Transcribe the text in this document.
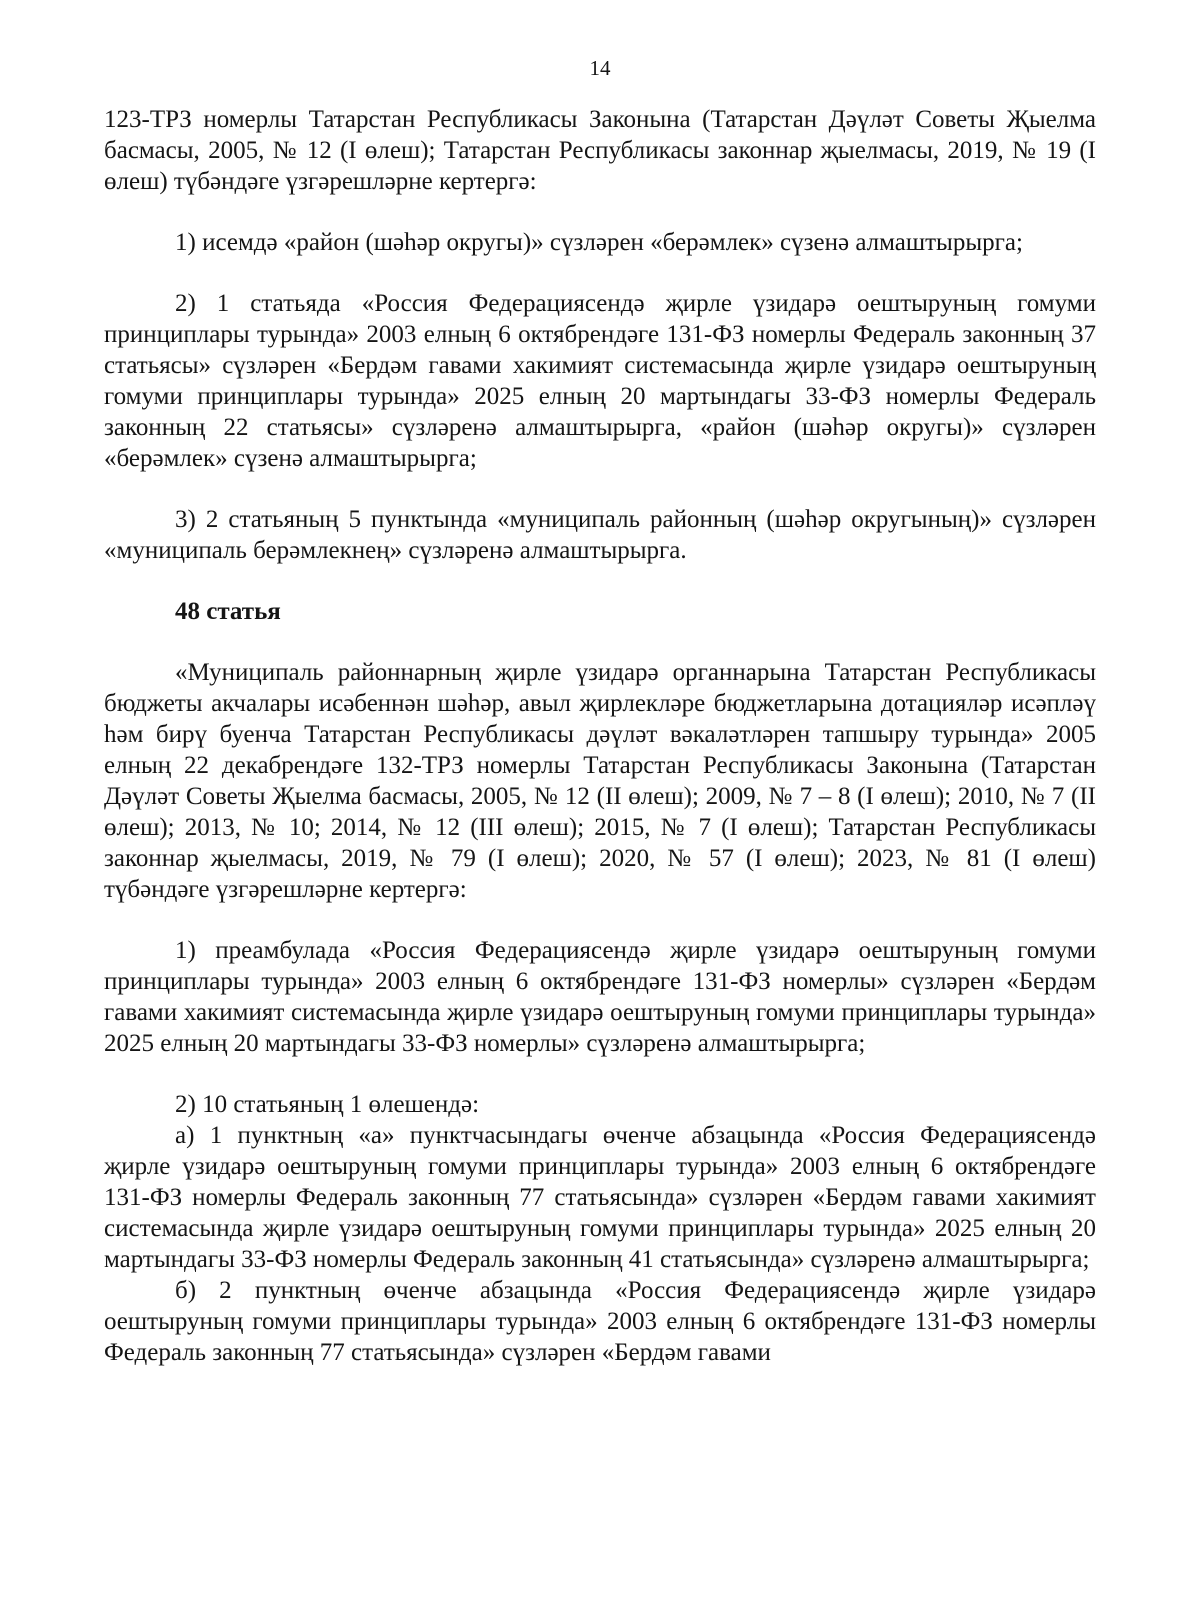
14

123-ТРЗ номерлы Татарстан Республикасы Законына (Татарстан Дәүләт Советы Җыелма басмасы, 2005, № 12 (I өлеш); Татарстан Республикасы законнар җыелмасы, 2019, № 19 (I өлеш) түбәндәге үзгәрешләрне кертергә:

1) исемдә «район (шәһәр округы)» сүзләрен «берәмлек» сүзенә алмаштырырга;

2) 1 статьяда «Россия Федерациясендә җирле үзидарә оештыруның гомуми принциплары турында» 2003 елның 6 октябрендәге 131-ФЗ номерлы Федераль законның 37 статьясы» сүзләрен «Бердәм гавами хакимият системасында җирле үзидарә оештыруның гомуми принциплары турында» 2025 елның 20 мартындагы 33-ФЗ номерлы Федераль законның 22 статьясы» сүзләренә алмаштырырга, «район (шәһәр округы)» сүзләрен «берәмлек» сүзенә алмаштырырга;

3) 2 статьяның 5 пунктында «муниципаль районның (шәһәр округының)» сүзләрен «муниципаль берәмлекнең» сүзләренә алмаштырырга.

48 статья

«Муниципаль районнарның җирле үзидарә органнарына Татарстан Республикасы бюджеты акчалары исәбеннән шәһәр, авыл җирлекләре бюджетларына дотацияләр исәпләү һәм бирү буенча Татарстан Республикасы дәүләт вәкаләтләрен тапшыру турында» 2005 елның 22 декабрендәге 132-ТРЗ номерлы Татарстан Республикасы Законына (Татарстан Дәүләт Советы Җыелма басмасы, 2005, № 12 (II өлеш); 2009, № 7 – 8 (I өлеш); 2010, № 7 (II өлеш); 2013, № 10; 2014, № 12 (III өлеш); 2015, № 7 (I өлеш); Татарстан Республикасы законнар җыелмасы, 2019, № 79 (I өлеш); 2020, № 57 (I өлеш); 2023, № 81 (I өлеш) түбәндәге үзгәрешләрне кертергә:

1) преамбулада «Россия Федерациясендә җирле үзидарә оештыруның гомуми принциплары турында» 2003 елның 6 октябрендәге 131-ФЗ номерлы» сүзләрен «Бердәм гавами хакимият системасында җирле үзидарә оештыруның гомуми принциплары турында» 2025 елның 20 мартындагы 33-ФЗ номерлы» сүзләренә алмаштырырга;

2) 10 статьяның 1 өлешендә:

а) 1 пунктның «а» пунктчасындагы өченче абзацында «Россия Федерациясендә җирле үзидарә оештыруның гомуми принциплары турында» 2003 елның 6 октябрендәге 131-ФЗ номерлы Федераль законның 77 статьясында» сүзләрен «Бердәм гавами хакимият системасында җирле үзидарә оештыруның гомуми принциплары турында» 2025 елның 20 мартындагы 33-ФЗ номерлы Федераль законның 41 статьясында» сүзләренә алмаштырырга;

б) 2 пунктның өченче абзацында «Россия Федерациясендә җирле үзидарә оештыруның гомуми принциплары турында» 2003 елның 6 октябрендәге 131-ФЗ номерлы Федераль законның 77 статьясында» сүзләрен «Бердәм гавами
